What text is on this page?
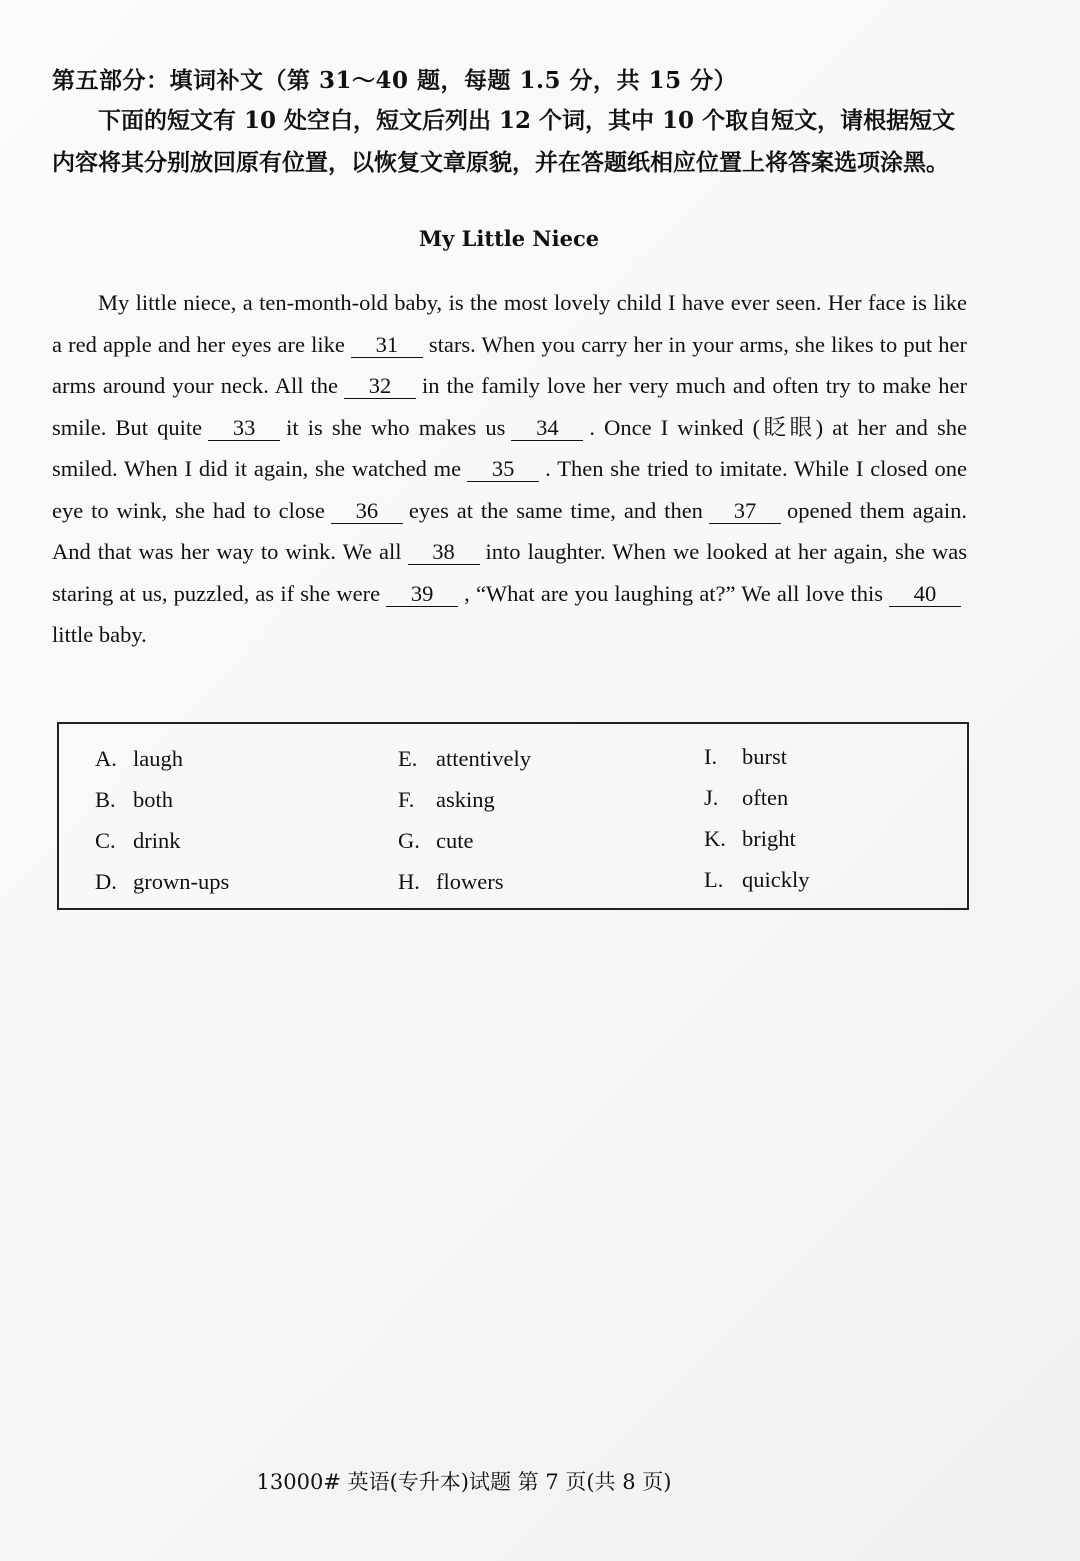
第五部分：填词补文（第 31～40 题，每题 1.5 分，共 15 分）
下面的短文有 10 处空白，短文后列出 12 个词，其中 10 个取自短文，请根据短文内容将其分别放回原有位置，以恢复文章原貌，并在答题纸相应位置上将答案选项涂黑。
My Little Niece
My little niece, a ten-month-old baby, is the most lovely child I have ever seen. Her face is like a red apple and her eyes are like 31 stars. When you carry her in your arms, she likes to put her arms around your neck. All the 32 in the family love her very much and often try to make her smile. But quite 33 it is she who makes us 34 . Once I winked (眨眼) at her and she smiled. When I did it again, she watched me 35 . Then she tried to imitate. While I closed one eye to wink, she had to close 36 eyes at the same time, and then 37 opened them again. And that was her way to wink. We all 38 into laughter. When we looked at her again, she was staring at us, puzzled, as if she were 39 , “What are you laughing at?” We all love this 40little baby.
A. laugh
B. both
C. drink
D. grown-ups
E. attentively
F. asking
G. cute
H. flowers
I. burst
J. often
K. bright
L. quickly
13000# 英语(专升本)试题 第 7 页(共 8 页)
